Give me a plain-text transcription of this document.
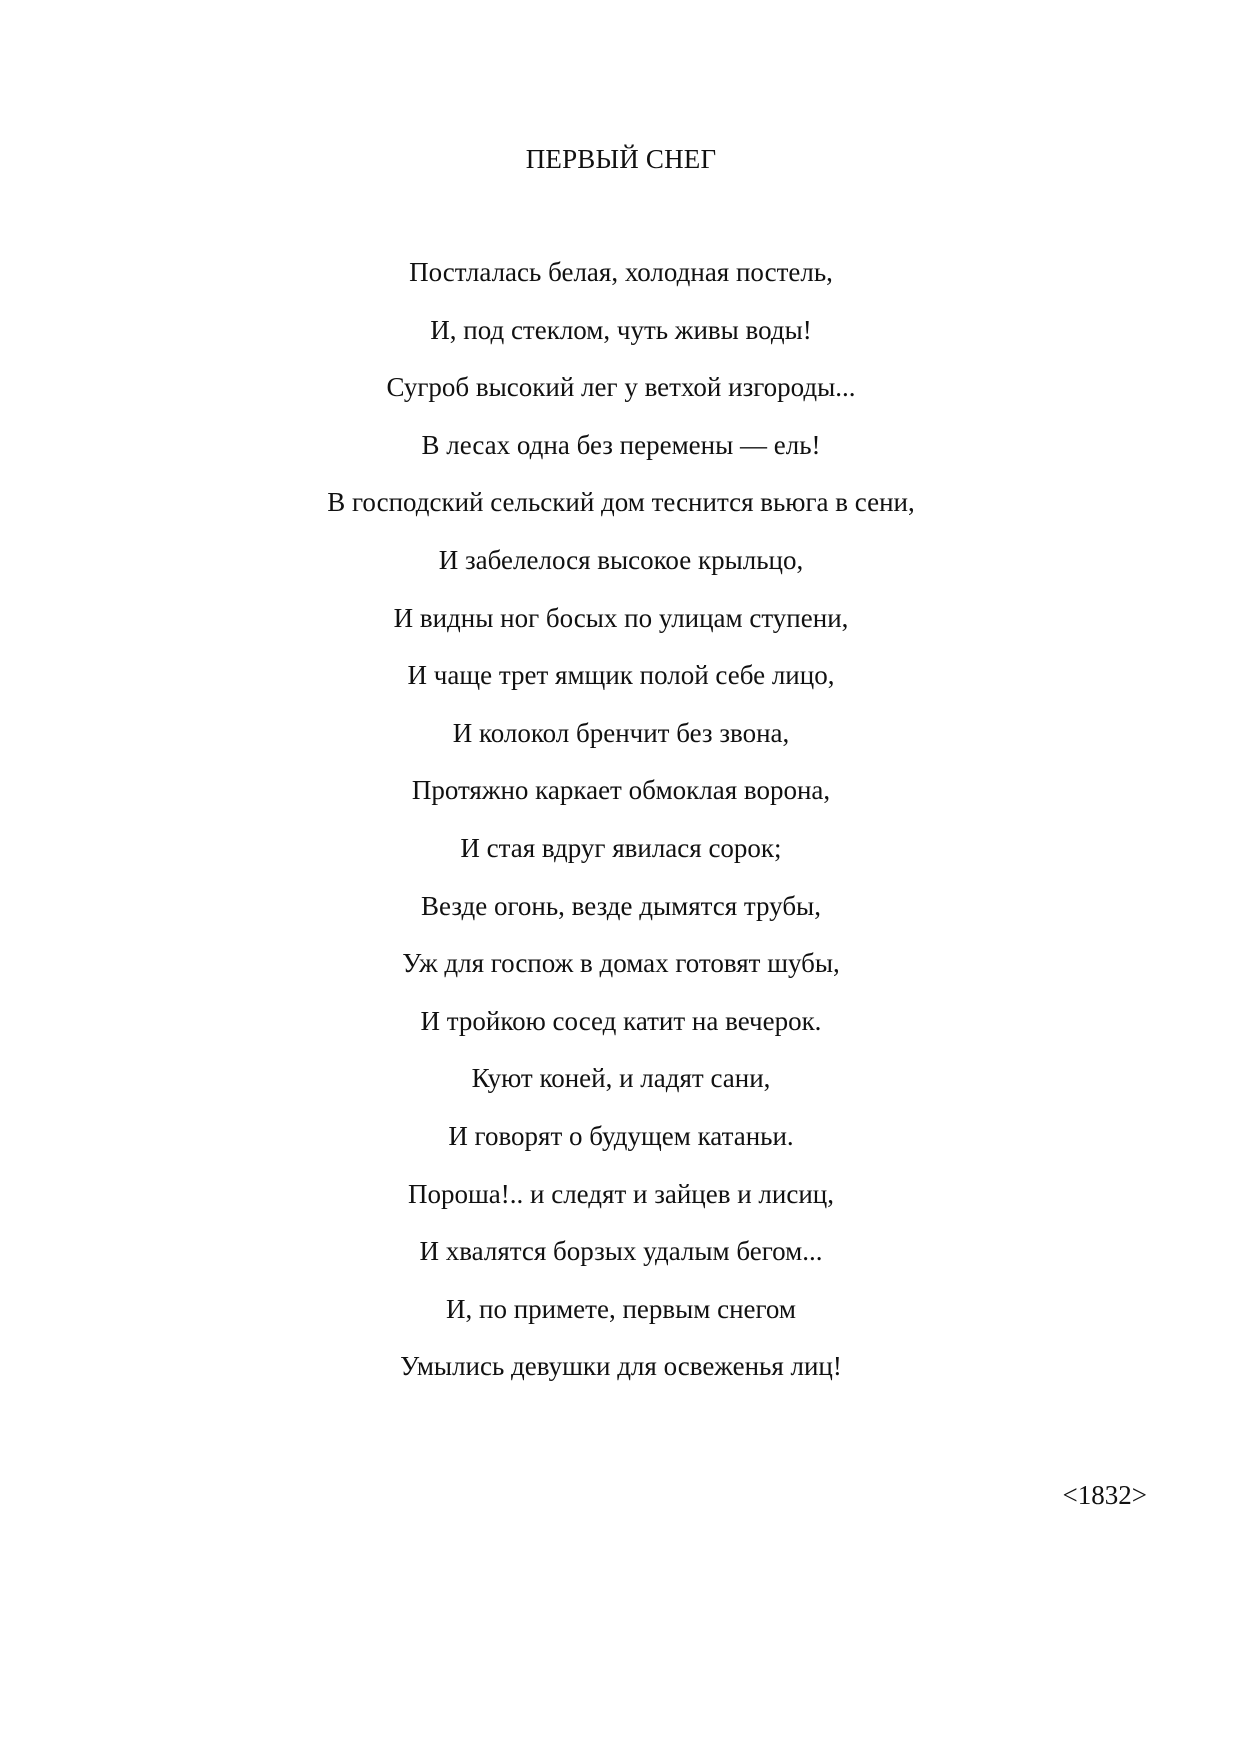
ПЕРВЫЙ СНЕГ
Постлалась белая, холодная постель,
И, под стеклом, чуть живы воды!
Сугроб высокий лег у ветхой изгороды...
В лесах одна без перемены — ель!
В господский сельский дом теснится вьюга в сени,
И забелелося высокое крыльцо,
И видны ног босых по улицам ступени,
И чаще трет ямщик полой себе лицо,
И колокол бренчит без звона,
Протяжно каркает обмоклая ворона,
И стая вдруг явилася сорок;
Везде огонь, везде дымятся трубы,
Уж для госпож в домах готовят шубы,
И тройкою сосед катит на вечерок.
Куют коней, и ладят сани,
И говорят о будущем катаньи.
Пороша!.. и следят и зайцев и лисиц,
И хвалятся борзых удалым бегом...
И, по примете, первым снегом
Умылись девушки для освеженья лиц!
<1832>
